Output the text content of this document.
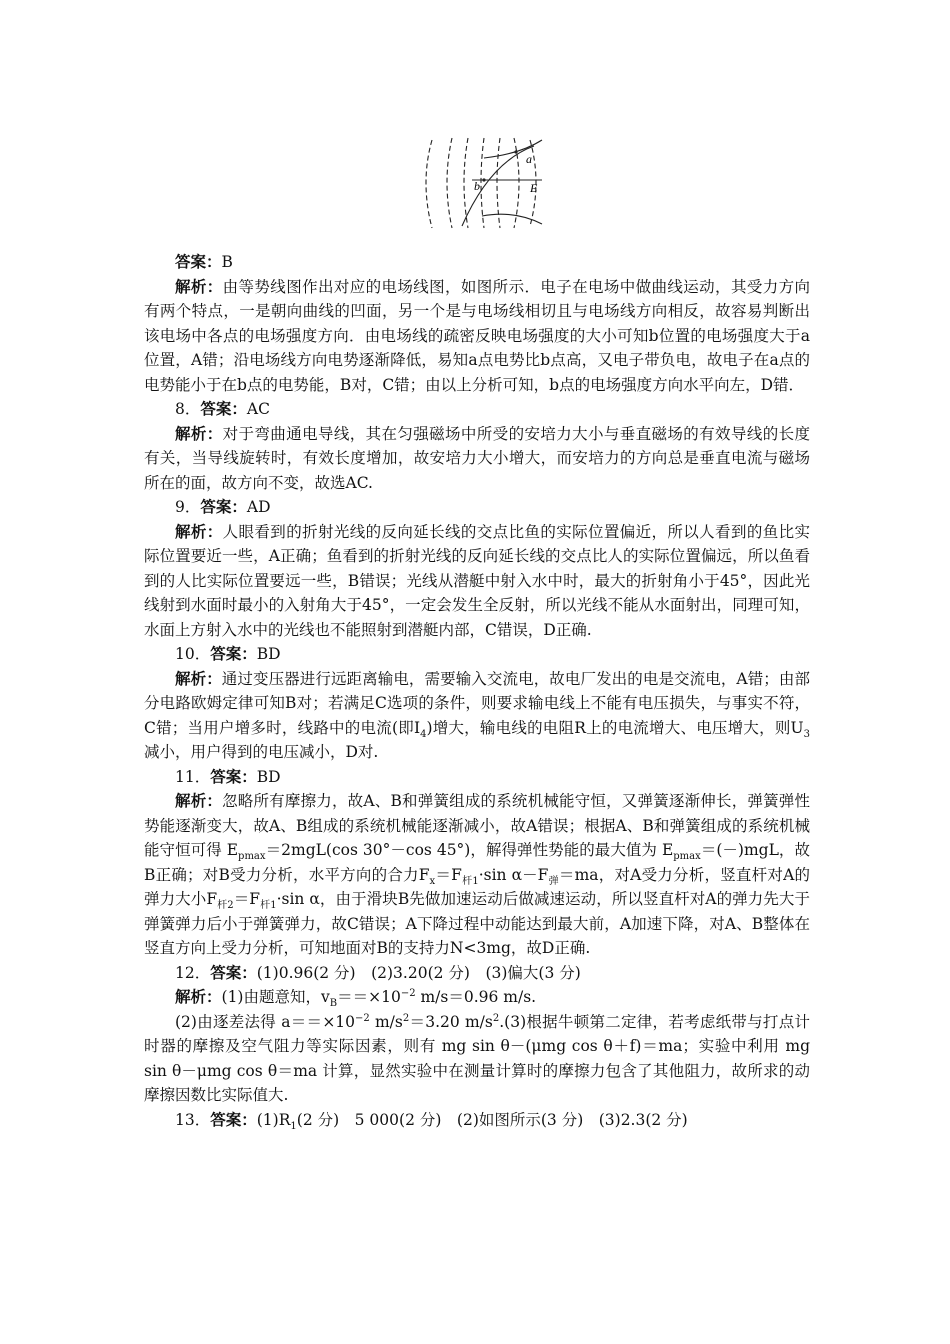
a
b	E

答案：B

解析：由等势线图作出对应的电场线图，如图所示．电子在电场中做曲线运动，其受力方向有两个特点，一是朝向曲线的凹面，另一个是与电场线相切且与电场线方向相反，故容易判断出该电场中各点的电场强度方向．由电场线的疏密反映电场强度的大小可知b位置的电场强度大于a位置，A错；沿电场线方向电势逐渐降低，易知a点电势比b点高，又电子带负电，故电子在a点的电势能小于在b点的电势能，B对，C错；由以上分析可知，b点的电场强度方向水平向左，D错．

8．答案：AC

解析：对于弯曲通电导线，其在匀强磁场中所受的安培力大小与垂直磁场的有效导线的长度有关，当导线旋转时，有效长度增加，故安培力大小增大，而安培力的方向总是垂直电流与磁场所在的面，故方向不变，故选AC.

9．答案：AD

解析：人眼看到的折射光线的反向延长线的交点比鱼的实际位置偏近，所以人看到的鱼比实际位置要近一些，A正确；鱼看到的折射光线的反向延长线的交点比人的实际位置偏远，所以鱼看到的人比实际位置要远一些，B错误；光线从潜艇中射入水中时，最大的折射角小于45°，因此光线射到水面时最小的入射角大于45°，一定会发生全反射，所以光线不能从水面射出，同理可知，水面上方射入水中的光线也不能照射到潜艇内部，C错误，D正确.

10．答案：BD

解析：通过变压器进行远距离输电，需要输入交流电，故电厂发出的电是交流电，A错；由部分电路欧姆定律可知B对；若满足C选项的条件，则要求输电线上不能有电压损失，与事实不符，C错；当用户增多时，线路中的电流(即$I_4$)增大，输电线的电阻R上的电流增大、电压增大，则$U_3$减小，用户得到的电压减小，D对.

11．答案：BD

解析：忽略所有摩擦力，故A、B和弹簧组成的系统机械能守恒，又弹簧逐渐伸长，弹簧弹性势能逐渐变大，故A、B组成的系统机械能逐渐减小，故A错误；根据A、B和弹簧组成的系统机械能守恒可得 $E_{pmax}=2mgL(\cos$ 30°－cos 45°)，解得弹性势能的最大值为 $E_{pmax}=(-)mgL$，故B正确；对B受力分析，水平方向的合力$F_x=F_{杆1}\cdot\sin$ $\alpha-F_弹=ma$，对A受力分析，竖直杆对A的弹力大小$F_{杆2}=F_{杆1}\cdot\sin$ α，由于滑块B先做加速运动后做减速运动，所以竖直杆对A的弹力先大于弹簧弹力后小于弹簧弹力，故C错误；A下降过程中动能达到最大前，A加速下降，对A、B整体在竖直方向上受力分析，可知地面对B的支持力N<3mg，故D正确.

12．答案：(1)0.96(2 分)　(2)3.20(2 分)　(3)偏大(3 分)

解析：(1)由题意知，$v_B==\times 10^{-2}$ m/s＝0.96 m/s.

(2)由逐差法得 $a==\times 10^{-2}$ $m/s^2=3.20$ $m/s^2.(3)$根据牛顿第二定律，若考虑纸带与打点计时器的摩擦及空气阻力等实际因素，则有 mg sin θ－(μmg cos θ＋f)＝ma；实验中利用 mg sin θ－μmg cos θ＝ma 计算，显然实验中在测量计算时的摩擦力包含了其他阻力，故所求的动摩擦因数比实际值大.

13．答案：$(1)R_1(2$ 分)　5 000(2 分)　(2)如图所示(3 分)　(3)2.3(2 分)
